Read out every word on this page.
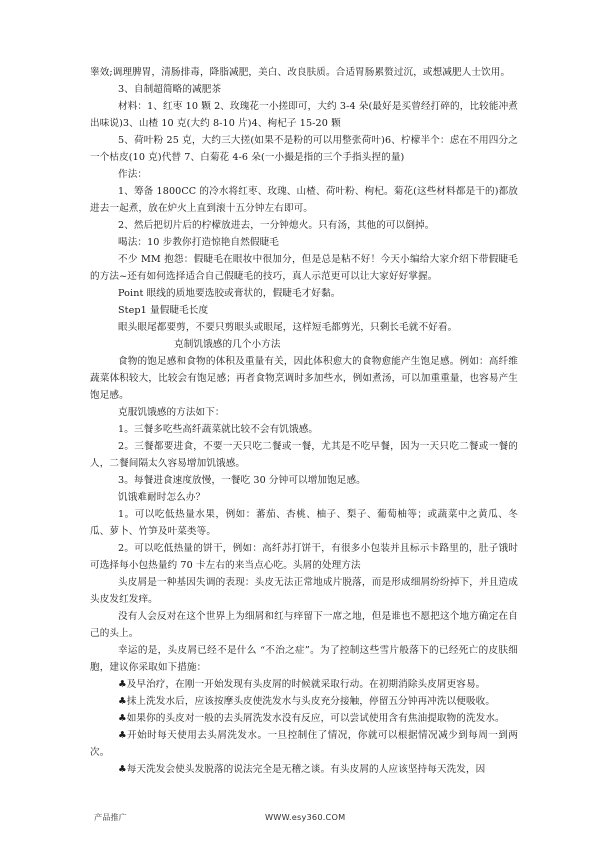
睾效;调理脾胃，清肠排毒，降脂减肥，美白、改良肤质。合适胃肠累赘过沉，或想减肥人士饮用。

3、自制超简略的减肥茶

材料：1、红枣 10 颗 2、玫瑰花一小搓即可，大约 3-4 朵(最好是买曾经打碎的，比较能冲煮出味说)3、山楂 10 克(大约 8-10 片)4、枸杞子 15-20 颗

5、荷叶粉 25 克，大约三大搓(如果不是粉的可以用整张荷叶)6、柠檬半个：虑在不用四分之一个枯皮(10 克)代替 7、白菊花 4-6 朵(一小撮是指的三个手指头捏的量)

作法：

1、筹备 1800CC 的冷水将红枣、玫瑰、山楂、荷叶粉、枸杞。菊花(这些材料都是干的)都放进去一起煮，放在炉火上直到滚十五分钟左右即可。

2、然后把切片后的柠檬放进去，一分钟熄火。只有汤，其他的可以倒掉。

喝法：10 步教你打造惊艳自然假睫毛

不少 MM 抱怨：假睫毛在眼妆中很加分，但是总是粘不好！今天小编给大家介绍下带假睫毛的方法~还有如何选择适合自己假睫毛的技巧，真人示范更可以让大家好好掌握。

Point 眼线的质地要选胶或膏状的，假睫毛才好黏。

Step1 量假睫毛长度

眼头眼尾都要剪，不要只剪眼头或眼尾，这样短毛都剪光，只剩长毛就不好看。

克制饥饿感的几个小方法

食物的饱足感和食物的体积及重量有关，因此体积愈大的食物愈能产生饱足感。例如：高纤维蔬菜体积较大，比较会有饱足感；再者食物烹调时多加些水，例如煮汤，可以加重重量，也容易产生饱足感。

克服饥饿感的方法如下：

1。三餐多吃些高纤蔬菜就比较不会有饥饿感。

2。三餐都要进食，不要一天只吃二餐或一餐，尤其是不吃早餐，因为一天只吃二餐或一餐的人，二餐间隔太久容易增加饥饿感。

3。每餐进食速度放慢，一餐吃 30 分钟可以增加饱足感。

饥饿难耐时怎么办？

1。可以吃低热量水果，例如：蕃茄、杏桃、柚子、梨子、葡萄柚等；或蔬菜中之黄瓜、冬瓜、萝卜、竹笋及叶菜类等。

2。可以吃低热量的饼干，例如：高纤苏打饼干，有很多小包装并且标示卡路里的，肚子饿时可选择每小包热量约 70 卡左右的来当点心吃。头屑的处理方法

头皮屑是一种基因失调的表现：头皮无法正常地成片脱落，而是形成细屑纷纷掉下，并且造成头皮发红发痒。

没有人会反对在这个世界上为细屑和红与痒留下一席之地，但是谁也不愿把这个地方确定在自己的头上。

幸运的是，头皮屑已经不是什么 “不治之症”。为了控制这些雪片般落下的已经死亡的皮肤细胞，建议你采取如下措施：

♣及早治疗，在刚一开始发现有头皮屑的时候就采取行动。在初期消除头皮屑更容易。

♣抹上洗发水后，应该按摩头皮使洗发水与头皮充分接触，停留五分钟再冲洗以便吸收。

♣如果你的头皮对一般的去头屑洗发水没有反应，可以尝试使用含有焦油提取物的洗发水。

♣开始时每天使用去头屑洗发水。一旦控制住了情况，你就可以根据情况减少到每周一到两次。

♣每天洗发会使头发脱落的说法完全是无稽之谈。有头皮屑的人应该坚持每天洗发，因

产品推广	WWW.esy360.COM
